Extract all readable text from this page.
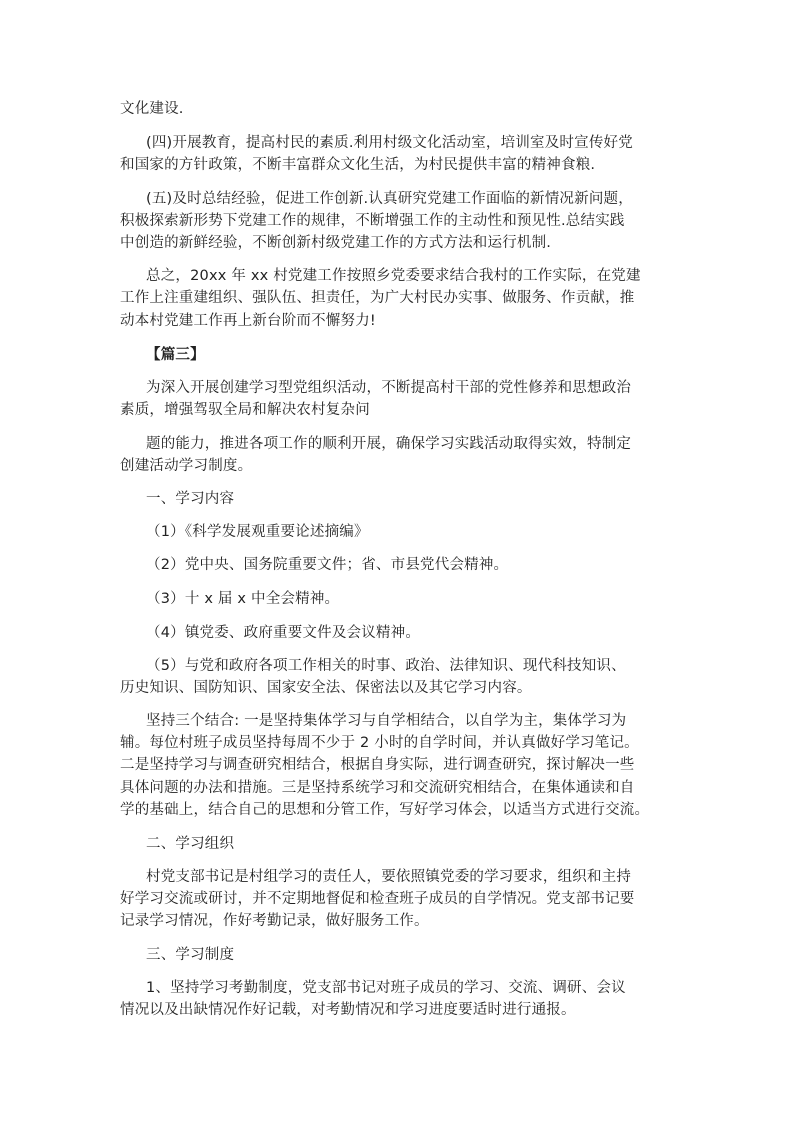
文化建设.
(四)开展教育，提高村民的素质.利用村级文化活动室，培训室及时宣传好党
和国家的方针政策，不断丰富群众文化生活，为村民提供丰富的精神食粮.
(五)及时总结经验，促进工作创新.认真研究党建工作面临的新情况新问题，
积极探索新形势下党建工作的规律，不断增强工作的主动性和预见性.总结实践
中创造的新鲜经验，不断创新村级党建工作的方式方法和运行机制.
总之，20xx 年 xx 村党建工作按照乡党委要求结合我村的工作实际，在党建
工作上注重建组织、强队伍、担责任，为广大村民办实事、做服务、作贡献，推
动本村党建工作再上新台阶而不懈努力!
【篇三】
为深入开展创建学习型党组织活动，不断提高村干部的党性修养和思想政治
素质，增强驾驭全局和解决农村复杂问
题的能力，推进各项工作的顺利开展，确保学习实践活动取得实效，特制定
创建活动学习制度。
一、学习内容
（1）《科学发展观重要论述摘编》
（2）党中央、国务院重要文件；省、市县党代会精神。
（3）十 x 届 x 中全会精神。
（4）镇党委、政府重要文件及会议精神。
（5）与党和政府各项工作相关的时事、政治、法律知识、现代科技知识、
历史知识、国防知识、国家安全法、保密法以及其它学习内容。
坚持三个结合: 一是坚持集体学习与自学相结合，以自学为主，集体学习为
辅。每位村班子成员坚持每周不少于 2 小时的自学时间，并认真做好学习笔记。
二是坚持学习与调查研究相结合，根据自身实际，进行调查研究，探讨解决一些
具体问题的办法和措施。三是坚持系统学习和交流研究相结合，在集体通读和自
学的基础上，结合自己的思想和分管工作，写好学习体会，以适当方式进行交流。
二、学习组织
村党支部书记是村组学习的责任人，要依照镇党委的学习要求，组织和主持
好学习交流或研讨，并不定期地督促和检查班子成员的自学情况。党支部书记要
记录学习情况，作好考勤记录，做好服务工作。
三、学习制度
1、坚持学习考勤制度，党支部书记对班子成员的学习、交流、调研、会议
情况以及出缺情况作好记载，对考勤情况和学习进度要适时进行通报。
